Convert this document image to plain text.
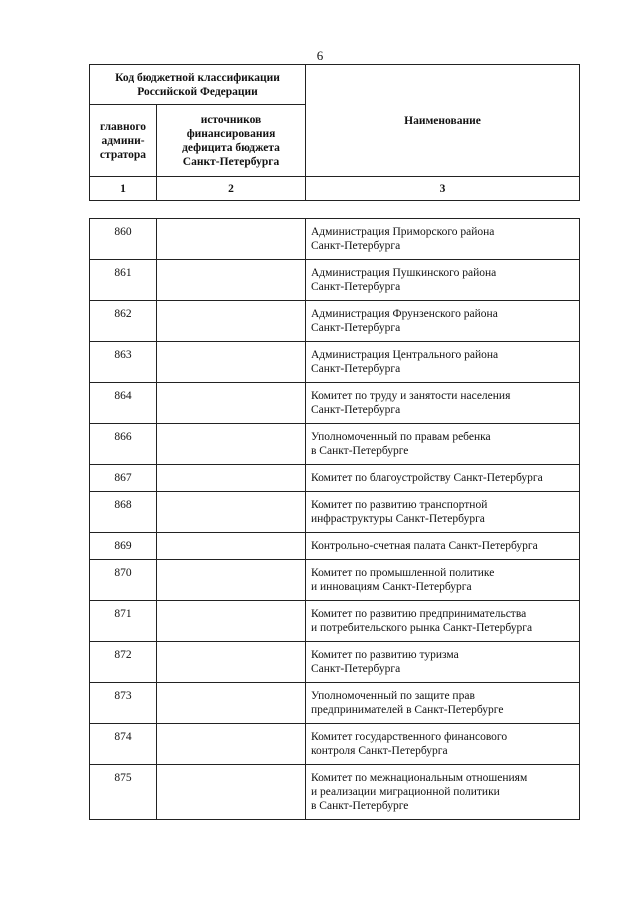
6
Код бюджетной классификации Российской Федерации		Наименование
главного админи-стратора	источников финансирования дефицита бюджета Санкт-Петербурга	
1	2	3
860		Администрация Приморского района
Санкт-Петербурга

861		Администрация Пушкинского района
Санкт-Петербурга

862		Администрация Фрунзенского района
Санкт-Петербурга

863		Администрация Центрального района
Санкт-Петербурга

864		Комитет по труду и занятости населения
Санкт-Петербурга

866		Уполномоченный по правам ребенка
в Санкт-Петербурге

867		Комитет по благоустройству Санкт-Петербурга

868		Комитет по развитию транспортной
инфраструктуры Санкт-Петербурга

869		Контрольно-счетная палата Санкт-Петербурга

870		Комитет по промышленной политике
и инновациям Санкт-Петербурга

871		Комитет по развитию предпринимательства
и потребительского рынка Санкт-Петербурга

872		Комитет по развитию туризма
Санкт-Петербурга

873		Уполномоченный по защите прав
предпринимателей в Санкт-Петербурге

874		Комитет государственного финансового
контроля Санкт-Петербурга

875		Комитет по межнациональным отношениям
и реализации миграционной политики
в Санкт-Петербурге
